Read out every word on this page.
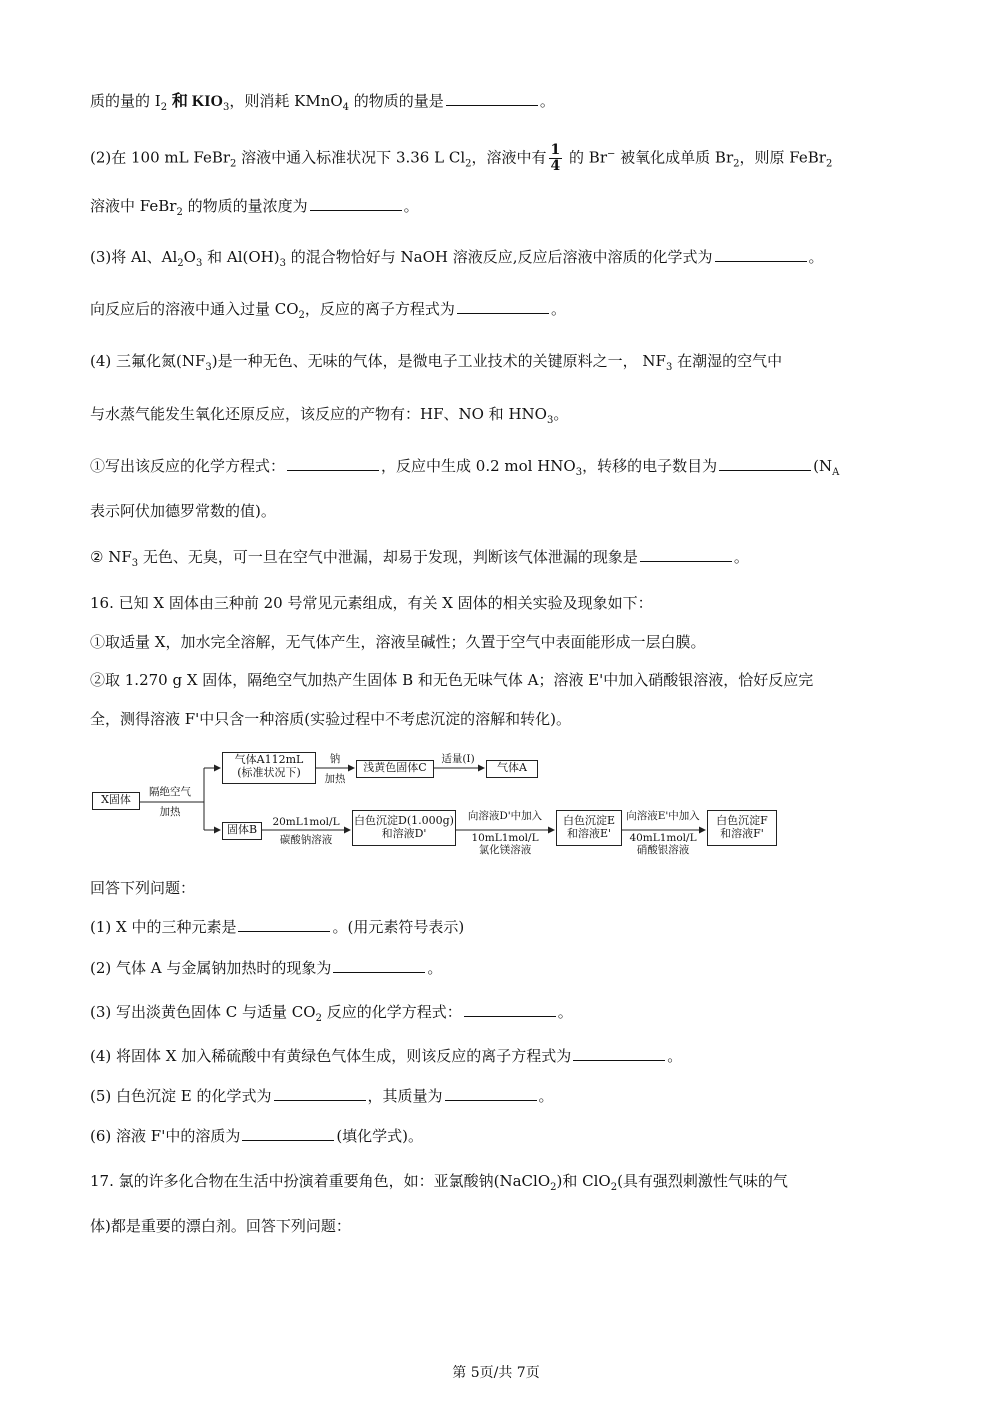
质的量的 $I_2$ 和 $KIO_3$，则消耗 KMnO$_4$ 的物质的量是	。
(2)在 100 mL FeBr$_2$ 溶液中通入标准状况下 3.36 L $Cl_2$，溶液中有 $\frac{1}{4}$ 的 Br− 被氧化成单质 $Br_2$，则原 FeBr$_2$
溶液中 FeBr$_2$ 的物质的量浓度为	。
(3)将 Al、$Al_2O_3$ 和 $Al(OH)_3$ 的混合物恰好与 NaOH 溶液反应,反应后溶液中溶质的化学式为	。
向反应后的溶液中通入过量 $CO_2$，反应的离子方程式为	。
(4) 三氟化氮$(NF_3)$是一种无色、无味的气体，是微电子工业技术的关键原料之一， $NF_3$ 在潮湿的空气中
与水蒸气能发生氧化还原反应，该反应的产物有：HF、NO 和 $HNO_3$。
①写出该反应的化学方程式：	，反应中生成 0.2 mol $HNO_3$，转移的电子数目为	($N_A$
表示阿伏加德罗常数的值)。
② $NF_3$ 无色、无臭，可一旦在空气中泄漏，却易于发现，判断该气体泄漏的现象是	。
16. 已知 X 固体由三种前 20 号常见元素组成，有关 X 固体的相关实验及现象如下：
①取适量 X，加水完全溶解，无气体产生，溶液呈碱性；久置于空气中表面能形成一层白膜。
②取 1.270 g X 固体，隔绝空气加热产生固体 B 和无色无味气体 A；溶液 E'中加入硝酸银溶液，恰好反应完
全，测得溶液 F'中只含一种溶质(实验过程中不考虑沉淀的溶解和转化)。
X固体
隔绝空气
加热
气体A112mL
(标准状况下)
钠
加热
浅黄色固体C
适量(I)
气体A
固体B
20mL1mol/L
碳酸钠溶液
白色沉淀D(1.000g)
和溶液D'
向溶液D'中加入
10mL1mol/L
氯化镁溶液
白色沉淀E
和溶液E'
向溶液E'中加入
40mL1mol/L
硝酸银溶液
白色沉淀F
和溶液F'
回答下列问题：
(1) X 中的三种元素是	。(用元素符号表示)
(2) 气体 A 与金属钠加热时的现象为	。
(3) 写出淡黄色固体 C 与适量 $CO_2$ 反应的化学方程式：	。
(4) 将固体 X 加入稀硫酸中有黄绿色气体生成，则该反应的离子方程式为	。
(5) 白色沉淀 E 的化学式为	，其质量为	。
(6) 溶液 F'中的溶质为	(填化学式)。
17. 氯的许多化合物在生活中扮演着重要角色，如：亚氯酸钠(NaClO$_2$)和 ClO$_2$(具有强烈刺激性气味的气
体)都是重要的漂白剂。回答下列问题：
第 5页/共 7页
